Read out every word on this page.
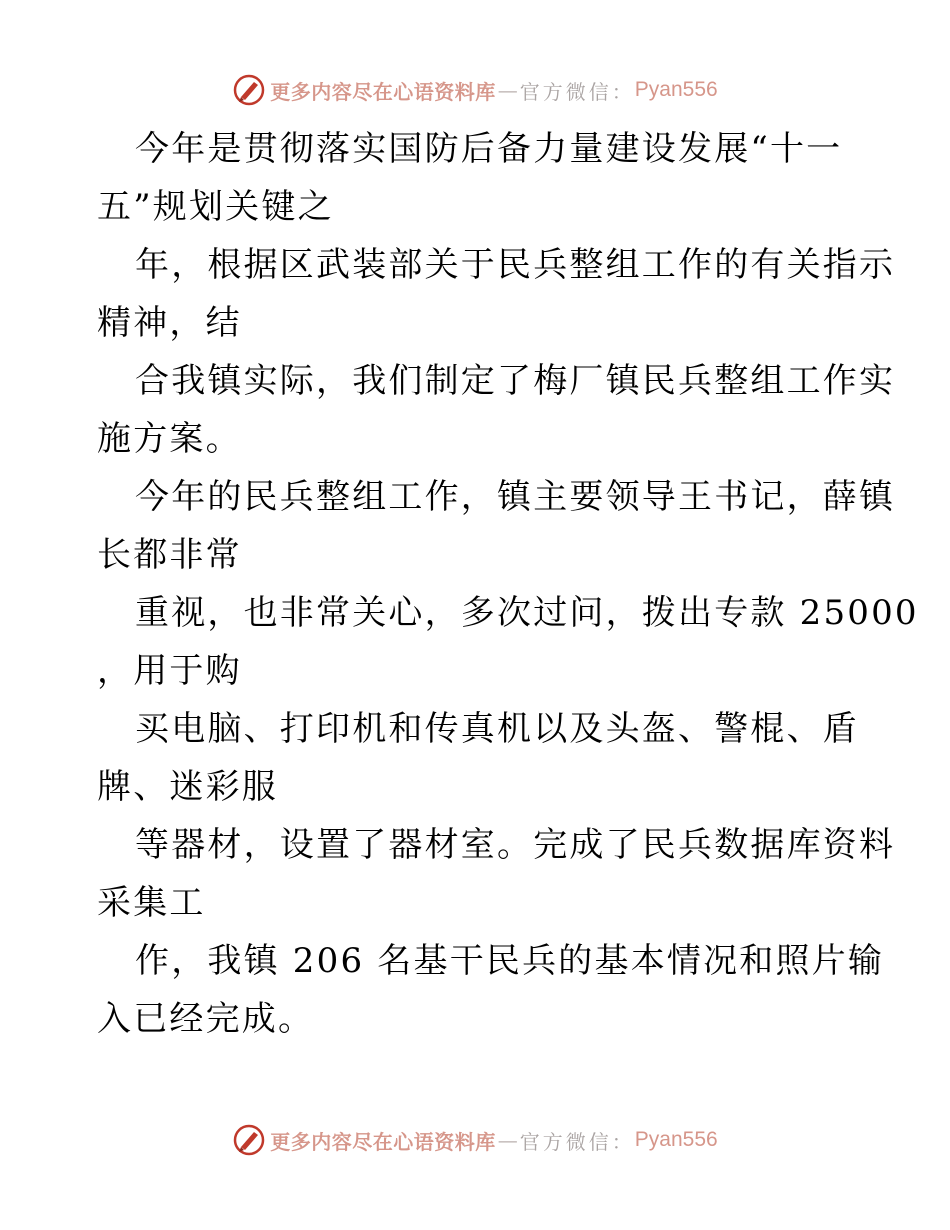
更多内容尽在心语资料库 — 官方微信： Pyan556
今年是贯彻落实国防后备力量建设发展“十一
五”规划关键之
年，根据区武装部关于民兵整组工作的有关指示
精神，结
合我镇实际，我们制定了梅厂镇民兵整组工作实
施方案。
今年的民兵整组工作，镇主要领导王书记，薛镇
长都非常
重视，也非常关心，多次过问，拨出专款 25000
，用于购
买电脑、打印机和传真机以及头盔、警棍、盾
牌、迷彩服
等器材，设置了器材室。完成了民兵数据库资料
采集工
作，我镇 206 名基干民兵的基本情况和照片输
入已经完成。
更多内容尽在心语资料库 — 官方微信： Pyan556
